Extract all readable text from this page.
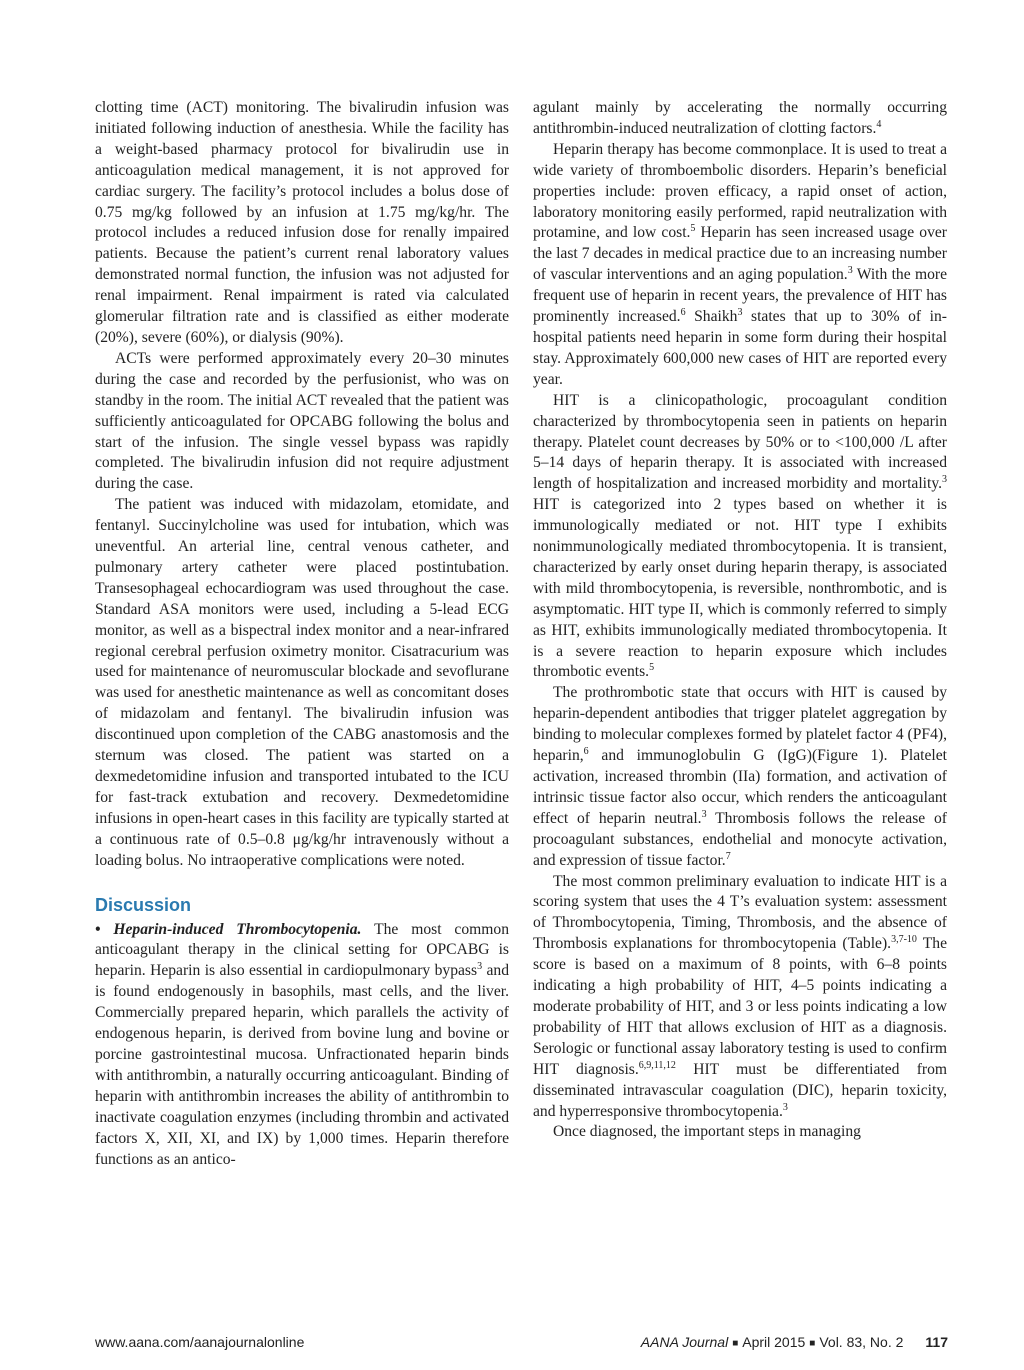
clotting time (ACT) monitoring. The bivalirudin infusion was initiated following induction of anesthesia. While the facility has a weight-based pharmacy protocol for bivalirudin use in anticoagulation medical management, it is not approved for cardiac surgery. The facility’s protocol includes a bolus dose of 0.75 mg/kg followed by an infusion at 1.75 mg/kg/hr. The protocol includes a reduced infusion dose for renally impaired patients. Because the patient’s current renal laboratory values demonstrated normal function, the infusion was not adjusted for renal impairment. Renal impairment is rated via calculated glomerular filtration rate and is classified as either moderate (20%), severe (60%), or dialysis (90%).

ACTs were performed approximately every 20–30 minutes during the case and recorded by the perfusionist, who was on standby in the room. The initial ACT revealed that the patient was sufficiently anticoagulated for OPCABG following the bolus and start of the infusion. The single vessel bypass was rapidly completed. The bivalirudin infusion did not require adjustment during the case.

The patient was induced with midazolam, etomidate, and fentanyl. Succinylcholine was used for intubation, which was uneventful. An arterial line, central venous catheter, and pulmonary artery catheter were placed postintubation. Transesophageal echocardiogram was used throughout the case. Standard ASA monitors were used, including a 5-lead ECG monitor, as well as a bispectral index monitor and a near-infrared regional cerebral perfusion oximetry monitor. Cisatracurium was used for maintenance of neuromuscular blockade and sevoflurane was used for anesthetic maintenance as well as concomitant doses of midazolam and fentanyl. The bivalirudin infusion was discontinued upon completion of the CABG anastomosis and the sternum was closed. The patient was started on a dexmedetomidine infusion and transported intubated to the ICU for fast-track extubation and recovery. Dexmedetomidine infusions in open-heart cases in this facility are typically started at a continuous rate of 0.5–0.8 μg/kg/hr intravenously without a loading bolus. No intraoperative complications were noted.

Discussion

• Heparin-induced Thrombocytopenia. The most common anticoagulant therapy in the clinical setting for OPCABG is heparin. Heparin is also essential in cardiopulmonary bypass$^3$ and is found endogenously in basophils, mast cells, and the liver. Commercially prepared heparin, which parallels the activity of endogenous heparin, is derived from bovine lung and bovine or porcine gastrointestinal mucosa. Unfractionated heparin binds with antithrombin, a naturally occurring anticoagulant. Binding of heparin with antithrombin increases the ability of antithrombin to inactivate coagulation enzymes (including thrombin and activated factors X, XII, XI, and IX) by 1,000 times. Heparin therefore functions as an antico-

agulant mainly by accelerating the normally occurring antithrombin-induced neutralization of clotting factors.$^4$

Heparin therapy has become commonplace. It is used to treat a wide variety of thromboembolic disorders. Heparin’s beneficial properties include: proven efficacy, a rapid onset of action, laboratory monitoring easily performed, rapid neutralization with protamine, and low cost.$^5$ Heparin has seen increased usage over the last 7 decades in medical practice due to an increasing number of vascular interventions and an aging population.$^3$ With the more frequent use of heparin in recent years, the prevalence of HIT has prominently increased.$^6$ Shaikh$^3$ states that up to 30% of in-hospital patients need heparin in some form during their hospital stay. Approximately 600,000 new cases of HIT are reported every year.

HIT is a clinicopathologic, procoagulant condition characterized by thrombocytopenia seen in patients on heparin therapy. Platelet count decreases by 50% or to <100,000 /L after 5–14 days of heparin therapy. It is associated with increased length of hospitalization and increased morbidity and mortality.$^3$ HIT is categorized into 2 types based on whether it is immunologically mediated or not. HIT type I exhibits nonimmunologically mediated thrombocytopenia. It is transient, characterized by early onset during heparin therapy, is associated with mild thrombocytopenia, is reversible, nonthrombotic, and is asymptomatic. HIT type II, which is commonly referred to simply as HIT, exhibits immunologically mediated thrombocytopenia. It is a severe reaction to heparin exposure which includes thrombotic events.$^5$

The prothrombotic state that occurs with HIT is caused by heparin-dependent antibodies that trigger platelet aggregation by binding to molecular complexes formed by platelet factor 4 (PF4), heparin,$^6$ and immunoglobulin G (IgG)(Figure 1). Platelet activation, increased thrombin (IIa) formation, and activation of intrinsic tissue factor also occur, which renders the anticoagulant effect of heparin neutral.$^3$ Thrombosis follows the release of procoagulant substances, endothelial and monocyte activation, and expression of tissue factor.$^7$

The most common preliminary evaluation to indicate HIT is a scoring system that uses the 4 T’s evaluation system: assessment of Thrombocytopenia, Timing, Thrombosis, and the absence of Thrombosis explanations for thrombocytopenia (Table).$^{3,7-10}$ The score is based on a maximum of 8 points, with 6–8 points indicating a high probability of HIT, 4–5 points indicating a moderate probability of HIT, and 3 or less points indicating a low probability of HIT that allows exclusion of HIT as a diagnosis. Serologic or functional assay laboratory testing is used to confirm HIT diagnosis.$^{6,9,11,12}$ HIT must be differentiated from disseminated intravascular coagulation (DIC), heparin toxicity, and hyperresponsive thrombocytopenia.$^3$

Once diagnosed, the important steps in managing

www.aana.com/aanajournalonline	AANA Journal ■ April 2015 ■ Vol. 83, No. 2 117
